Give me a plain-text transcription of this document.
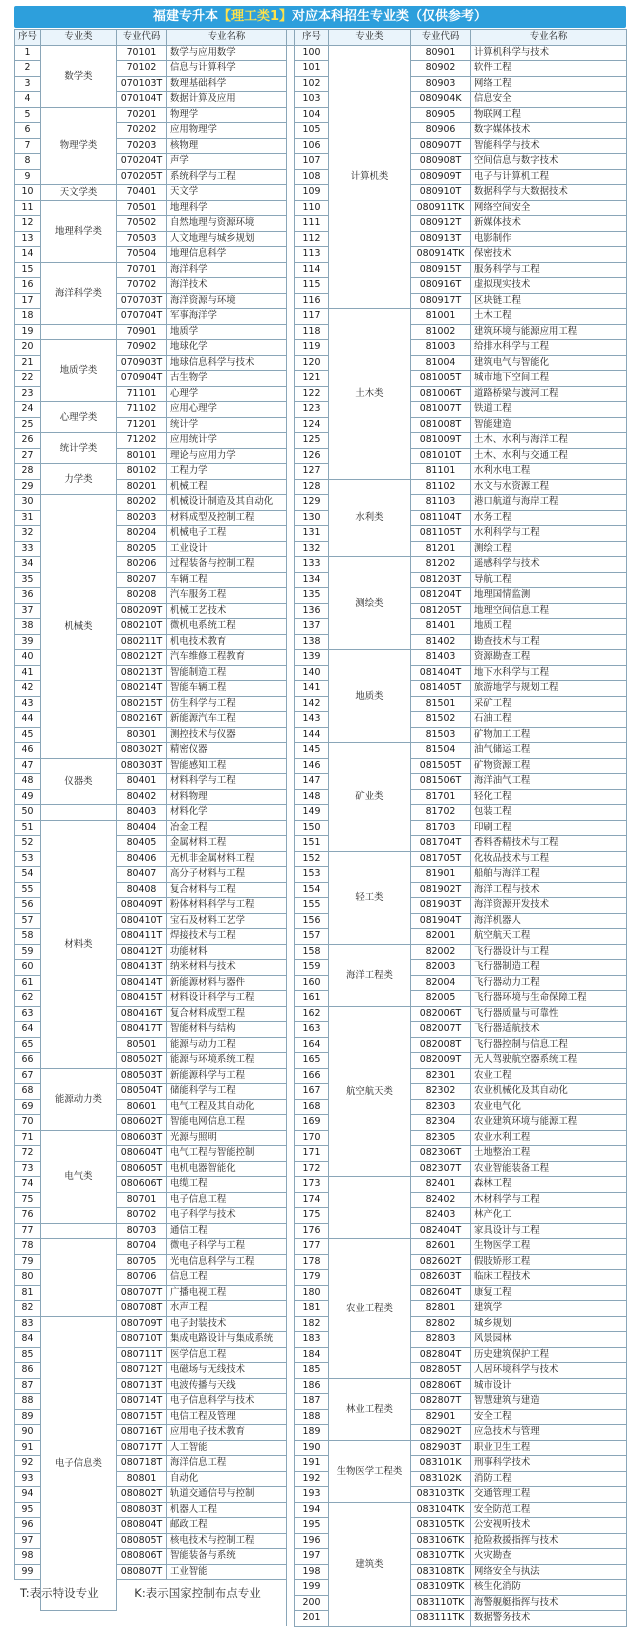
福建专升本【理工类1】对应本科招生专业类（仅供参考）
序号	专业类	专业代码	专业名称		序号	专业类	专业代码	专业名称
1	数学类	70101	数学与应用数学		100	计算机类	80901	计算机科学与技术
2		70102	信息与计算科学		101		80902	软件工程
3		070103T	数理基础科学		102		80903	网络工程
4		070104T	数据计算及应用		103		080904K	信息安全
5	物理学类	70201	物理学		104		80905	物联网工程
6		70202	应用物理学		105		80906	数字媒体技术
7		70203	核物理		106		080907T	智能科学与技术
8		070204T	声学		107		080908T	空间信息与数字技术
9		070205T	系统科学与工程		108		080909T	电子与计算机工程
10	天文学类	70401	天文学		109		080910T	数据科学与大数据技术
11	地理科学类	70501	地理科学		110		080911TK	网络空间安全
12		70502	自然地理与资源环境		111		080912T	新媒体技术
13		70503	人文地理与城乡规划		112		080913T	电影制作
14		70504	地理信息科学		113		080914TK	保密技术
15	海洋科学类	70701	海洋科学		114		080915T	服务科学与工程
16		70702	海洋技术		115		080916T	虚拟现实技术
17		070703T	海洋资源与环境		116		080917T	区块链工程
18		070704T	军事海洋学		117	土木类	81001	土木工程
19		70901	地质学		118		81002	建筑环境与能源应用工程
20	地质学类	70902	地球化学		119		81003	给排水科学与工程
21		070903T	地球信息科学与技术		120		81004	建筑电气与智能化
22		070904T	古生物学		121		081005T	城市地下空间工程
23		71101	心理学		122		081006T	道路桥梁与渡河工程
24	心理学类	71102	应用心理学		123		081007T	铁道工程
25		71201	统计学		124		081008T	智能建造
26	统计学类	71202	应用统计学		125		081009T	土木、水利与海洋工程
27		80101	理论与应用力学		126		081010T	土木、水利与交通工程
28	力学类	80102	工程力学		127		81101	水利水电工程
29		80201	机械工程		128	水利类	81102	水文与水资源工程
30	机械类	80202	机械设计制造及其自动化		129		81103	港口航道与海岸工程
31		80203	材料成型及控制工程		130		081104T	水务工程
32		80204	机械电子工程		131		081105T	水利科学与工程
33		80205	工业设计		132		81201	测绘工程
34		80206	过程装备与控制工程		133	测绘类	81202	遥感科学与技术
35		80207	车辆工程		134		081203T	导航工程
36		80208	汽车服务工程		135		081204T	地理国情监测
37		080209T	机械工艺技术		136		081205T	地理空间信息工程
38		080210T	微机电系统工程		137		81401	地质工程
39		080211T	机电技术教育		138		81402	勘查技术与工程
40		080212T	汽车维修工程教育		139	地质类	81403	资源勘查工程
41		080213T	智能制造工程		140		081404T	地下水科学与工程
42		080214T	智能车辆工程		141		081405T	旅游地学与规划工程
43		080215T	仿生科学与工程		142		81501	采矿工程
44		080216T	新能源汽车工程		143		81502	石油工程
45		80301	测控技术与仪器		144		81503	矿物加工工程
46		080302T	精密仪器		145	矿业类	81504	油气储运工程
47	仪器类	080303T	智能感知工程		146		081505T	矿物资源工程
48		80401	材料科学与工程		147		081506T	海洋油气工程
49		80402	材料物理		148		81701	轻化工程
50		80403	材料化学		149		81702	包装工程
51	材料类	80404	冶金工程		150		81703	印刷工程
52		80405	金属材料工程		151		081704T	香料香精技术与工程
53		80406	无机非金属材料工程		152	轻工类	081705T	化妆品技术与工程
54		80407	高分子材料与工程		153		81901	船舶与海洋工程
55		80408	复合材料与工程		154		081902T	海洋工程与技术
56		080409T	粉体材料科学与工程		155		081903T	海洋资源开发技术
57		080410T	宝石及材料工艺学		156		081904T	海洋机器人
58		080411T	焊接技术与工程		157		82001	航空航天工程
59		080412T	功能材料		158	海洋工程类	82002	飞行器设计与工程
60		080413T	纳米材料与技术		159		82003	飞行器制造工程
61		080414T	新能源材料与器件		160		82004	飞行器动力工程
62		080415T	材料设计科学与工程		161		82005	飞行器环境与生命保障工程
63		080416T	复合材料成型工程		162	航空航天类	082006T	飞行器质量与可靠性
64		080417T	智能材料与结构		163		082007T	飞行器适航技术
65		80501	能源与动力工程		164		082008T	飞行器控制与信息工程
66		080502T	能源与环境系统工程		165		082009T	无人驾驶航空器系统工程
67	能源动力类	080503T	新能源科学与工程		166		82301	农业工程
68		080504T	储能科学与工程		167		82302	农业机械化及其自动化
69		80601	电气工程及其自动化		168		82303	农业电气化
70		080602T	智能电网信息工程		169		82304	农业建筑环境与能源工程
71	电气类	080603T	光源与照明		170		82305	农业水利工程
72		080604T	电气工程与智能控制		171		082306T	土地整治工程
73		080605T	电机电器智能化		172		082307T	农业智能装备工程
74		080606T	电缆工程		173		82401	森林工程
75		80701	电子信息工程		174		82402	木材科学与工程
76		80702	电子科学与技术		175		82403	林产化工
77		80703	通信工程		176		082404T	家具设计与工程
78		80704	微电子科学与工程		177	农业工程类	82601	生物医学工程
79		80705	光电信息科学与工程		178		082602T	假肢矫形工程
80		80706	信息工程		179		082603T	临床工程技术
81		080707T	广播电视工程		180		082604T	康复工程
82		080708T	水声工程		181		82801	建筑学
83	电子信息类	080709T	电子封装技术		182		82802	城乡规划
84		080710T	集成电路设计与集成系统		183		82803	风景园林
85		080711T	医学信息工程		184		082804T	历史建筑保护工程
86		080712T	电磁场与无线技术		185		082805T	人居环境科学与技术
87		080713T	电波传播与天线		186	林业工程类	082806T	城市设计
88		080714T	电子信息科学与技术		187		082807T	智慧建筑与建造
89		080715T	电信工程及管理		188		82901	安全工程
90		080716T	应用电子技术教育		189		082902T	应急技术与管理
91		080717T	人工智能		190	生物医学工程类	082903T	职业卫生工程
92		080718T	海洋信息工程		191		083101K	刑事科学技术
93		80801	自动化		192		083102K	消防工程
94		080802T	轨道交通信号与控制		193		083103TK	交通管理工程
95		080803T	机器人工程		194	建筑类	083104TK	安全防范工程
96		080804T	邮政工程		195		083105TK	公安视听技术
97		080805T	核电技术与控制工程		196		083106TK	抢险救援指挥与技术
98		080806T	智能装备与系统		197		083107TK	火灾勘查
99		080807T	工业智能		198		083108TK	网络安全与执法
					199		083109TK	核生化消防
					200		083110TK	海警舰艇指挥与技术
					201		083111TK	数据警务技术
T:表示特设专业	K:表示国家控制布点专业
